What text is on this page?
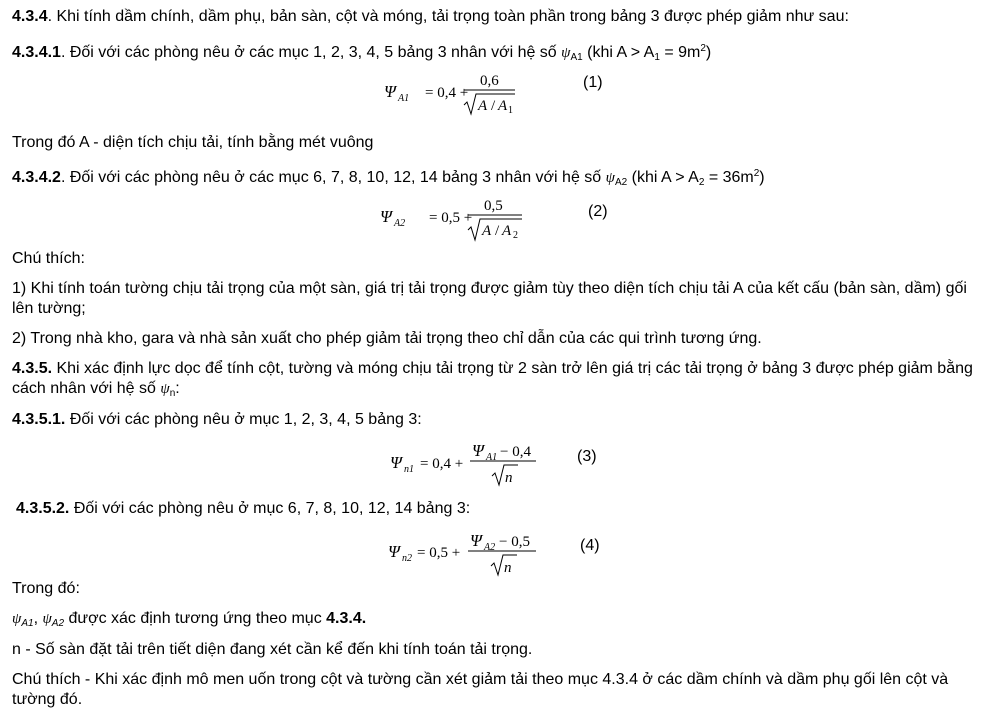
4.3.4. Khi tính dầm chính, dầm phụ, bản sàn, cột và móng, tải trọng toàn phần trong bảng 3 được phép giảm như sau:
4.3.4.1. Đối với các phòng nêu ở các mục 1, 2, 3, 4, 5 bảng 3 nhân với hệ số $\psi_{A1}$ (khi $A > A_1 = 9m^2$)
Ψ A1 = 0,4 +
0,6
A / A 1
(1)
Trong đó A - diện tích chịu tải, tính bằng mét vuông
4.3.4.2. Đối với các phòng nêu ở các mục 6, 7, 8, 10, 12, 14 bảng 3 nhân với hệ số $\psi_{A2}$ (khi $A > A_2 = 36m^2$)
Ψ A2 = 0,5 +
0,5
A / A 2
(2)
Chú thích:
1) Khi tính toán tường chịu tải trọng của một sàn, giá trị tải trọng được giảm tùy theo diện tích chịu tải A của kết cấu (bản sàn, dầm) gối lên tường;
2) Trong nhà kho, gara và nhà sản xuất cho phép giảm tải trọng theo chỉ dẫn của các qui trình tương ứng.
4.3.5. Khi xác định lực dọc để tính cột, tường và móng chịu tải trọng từ 2 sàn trở lên giá trị các tải trọng ở bảng 3 được phép giảm bằng cách nhân với hệ số $\psi_n$:
4.3.5.1. Đối với các phòng nêu ở mục 1, 2, 3, 4, 5 bảng 3:
Ψ n1 = 0,4 +
Ψ A1 − 0,4
n
(3)
4.3.5.2. Đối với các phòng nêu ở mục 6, 7, 8, 10, 12, 14 bảng 3:
Ψ n2 = 0,5 +
Ψ A2 − 0,5
n
(4)
Trong đó:
$\psi_{A1}$, $\psi_{A2}$ được xác định tương ứng theo mục 4.3.4.
n - Số sàn đặt tải trên tiết diện đang xét cần kể đến khi tính toán tải trọng.
Chú thích - Khi xác định mô men uốn trong cột và tường cần xét giảm tải theo mục 4.3.4 ở các dầm chính và dầm phụ gối lên cột và tường đó.
